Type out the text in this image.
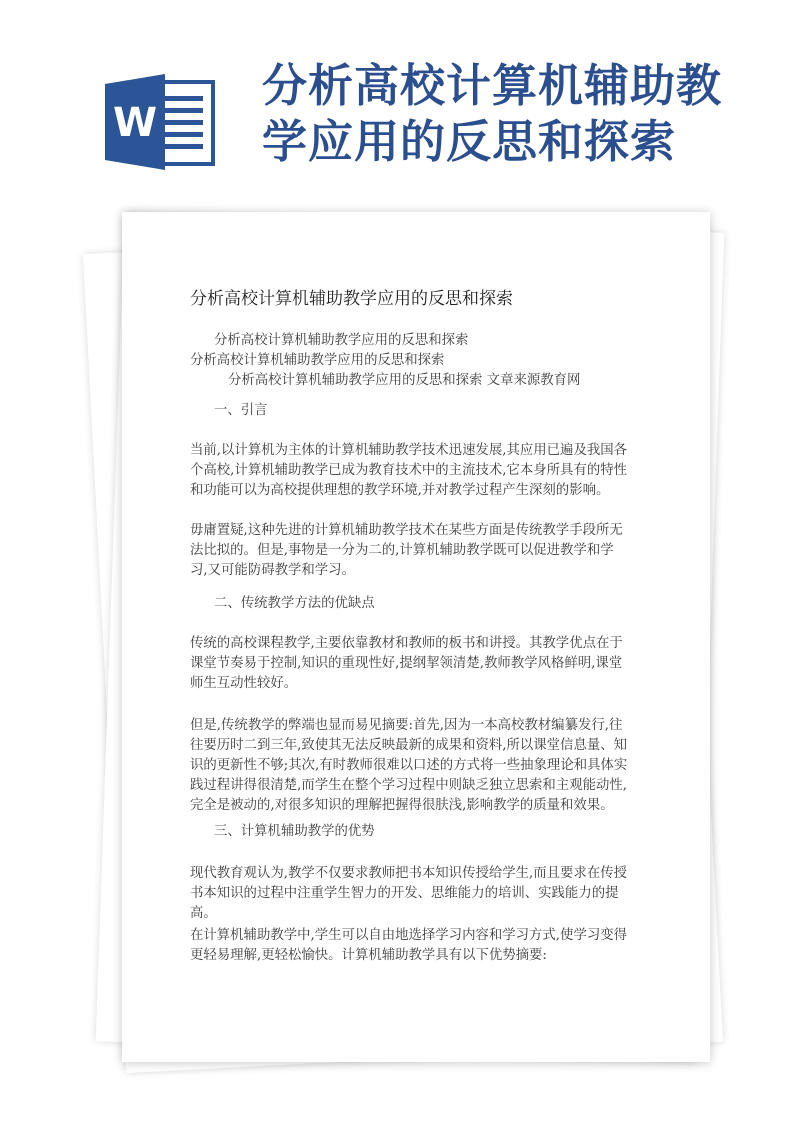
W
分析高校计算机辅助教
学应用的反思和探索
分析高校计算机辅助教学应用的反思和探索
分析高校计算机辅助教学应用的反思和探索
分析高校计算机辅助教学应用的反思和探索
分析高校计算机辅助教学应用的反思和探索 文章来源教育网
一、引言
当前,以计算机为主体的计算机辅助教学技术迅速发展,其应用已遍及我国各个高校,计算机辅助教学已成为教育技术中的主流技术,它本身所具有的特性和功能可以为高校提供理想的教学环境,并对教学过程产生深刻的影响。
毋庸置疑,这种先进的计算机辅助教学技术在某些方面是传统教学手段所无法比拟的。但是,事物是一分为二的,计算机辅助教学既可以促进教学和学习,又可能防碍教学和学习。
二、传统教学方法的优缺点
传统的高校课程教学,主要依靠教材和教师的板书和讲授。其教学优点在于课堂节奏易于控制,知识的重现性好,提纲挈领清楚,教师教学风格鲜明,课堂师生互动性较好。
但是,传统教学的弊端也显而易见摘要:首先,因为一本高校教材编纂发行,往往要历时二到三年,致使其无法反映最新的成果和资料,所以课堂信息量、知识的更新性不够;其次,有时教师很难以口述的方式将一些抽象理论和具体实践过程讲得很清楚,而学生在整个学习过程中则缺乏独立思索和主观能动性,完全是被动的,对很多知识的理解把握得很肤浅,影响教学的质量和效果。
三、计算机辅助教学的优势
现代教育观认为,教学不仅要求教师把书本知识传授给学生,而且要求在传授书本知识的过程中注重学生智力的开发、思维能力的培训、实践能力的提高。
在计算机辅助教学中,学生可以自由地选择学习内容和学习方式,使学习变得更轻易理解,更轻松愉快。计算机辅助教学具有以下优势摘要:
